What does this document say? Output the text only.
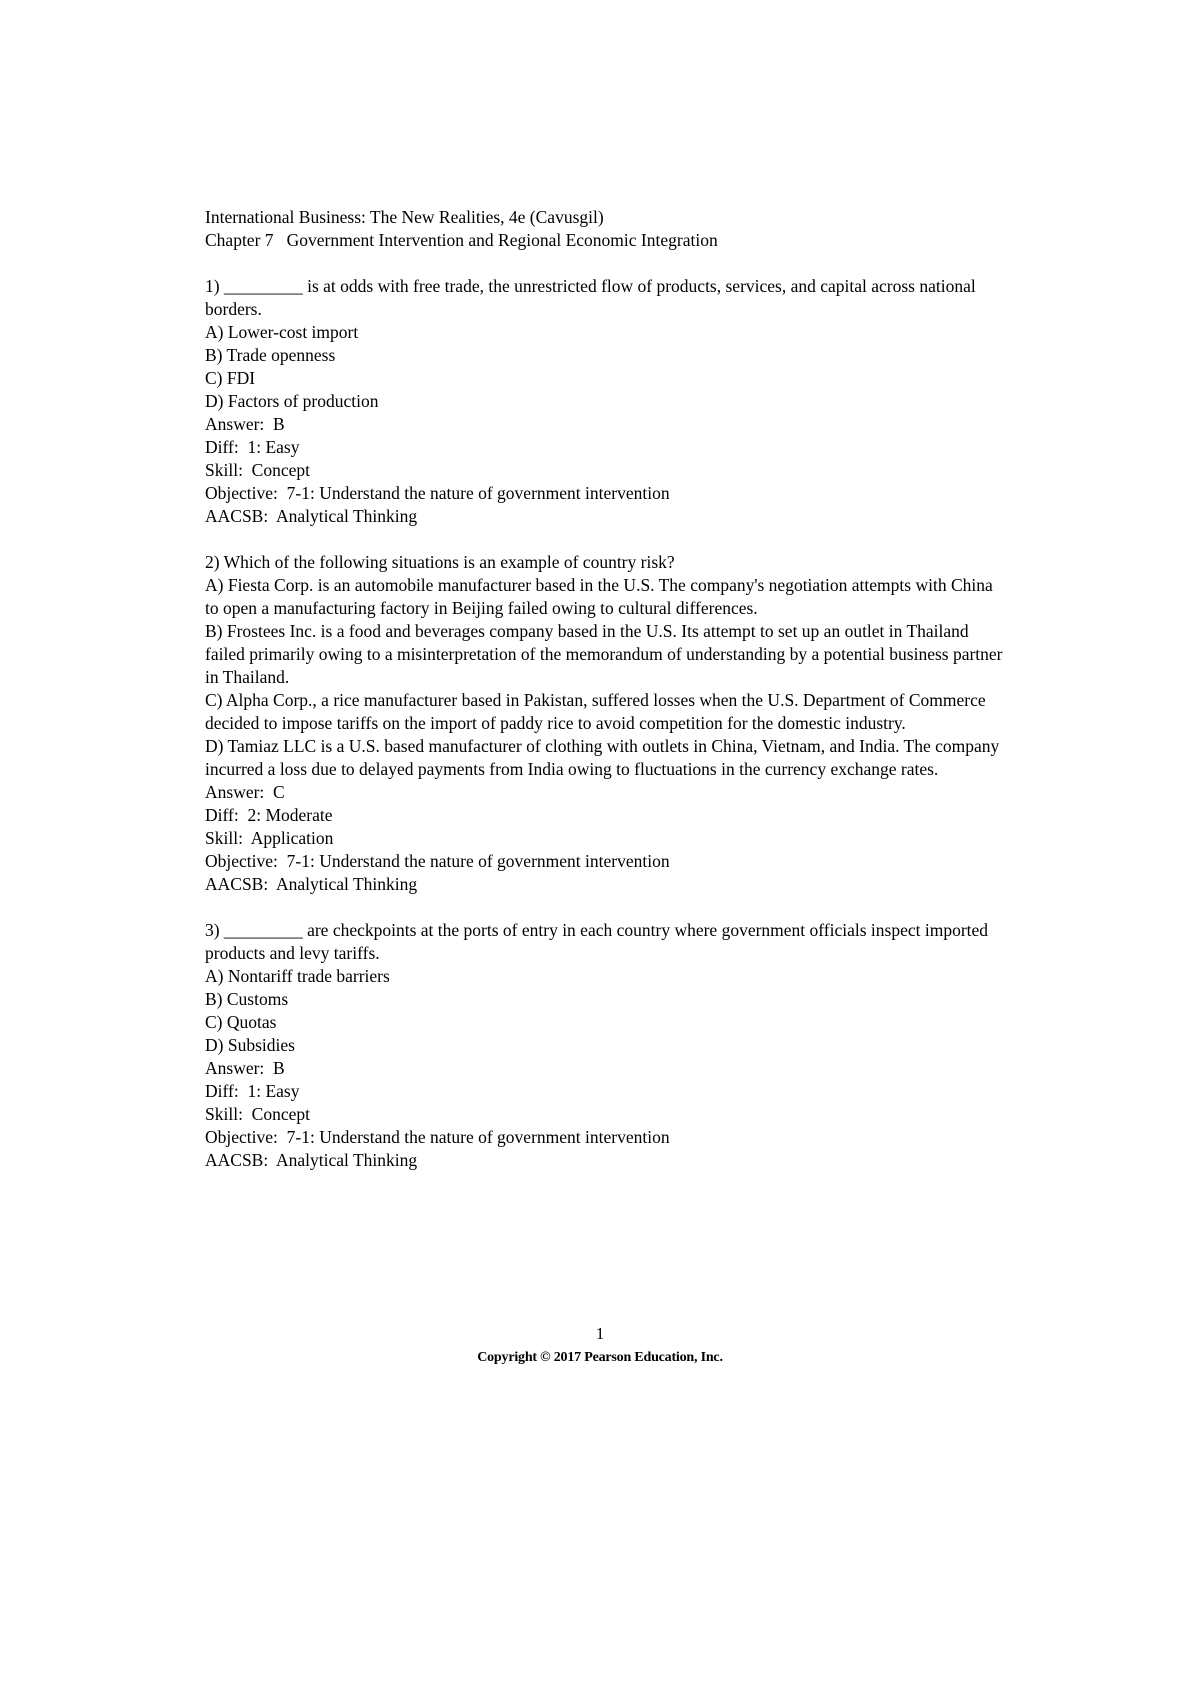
International Business: The New Realities, 4e (Cavusgil)
Chapter 7   Government Intervention and Regional Economic Integration
1) _________ is at odds with free trade, the unrestricted flow of products, services, and capital across national borders.
A) Lower-cost import
B) Trade openness
C) FDI
D) Factors of production
Answer:  B
Diff:  1: Easy
Skill:  Concept
Objective:  7-1: Understand the nature of government intervention
AACSB:  Analytical Thinking
2) Which of the following situations is an example of country risk?
A) Fiesta Corp. is an automobile manufacturer based in the U.S. The company's negotiation attempts with China to open a manufacturing factory in Beijing failed owing to cultural differences.
B) Frostees Inc. is a food and beverages company based in the U.S. Its attempt to set up an outlet in Thailand failed primarily owing to a misinterpretation of the memorandum of understanding by a potential business partner in Thailand.
C) Alpha Corp., a rice manufacturer based in Pakistan, suffered losses when the U.S. Department of Commerce decided to impose tariffs on the import of paddy rice to avoid competition for the domestic industry.
D) Tamiaz LLC is a U.S. based manufacturer of clothing with outlets in China, Vietnam, and India. The company incurred a loss due to delayed payments from India owing to fluctuations in the currency exchange rates.
Answer:  C
Diff:  2: Moderate
Skill:  Application
Objective:  7-1: Understand the nature of government intervention
AACSB:  Analytical Thinking
3) _________ are checkpoints at the ports of entry in each country where government officials inspect imported products and levy tariffs.
A) Nontariff trade barriers
B) Customs
C) Quotas
D) Subsidies
Answer:  B
Diff:  1: Easy
Skill:  Concept
Objective:  7-1: Understand the nature of government intervention
AACSB:  Analytical Thinking
1
Copyright © 2017 Pearson Education, Inc.
